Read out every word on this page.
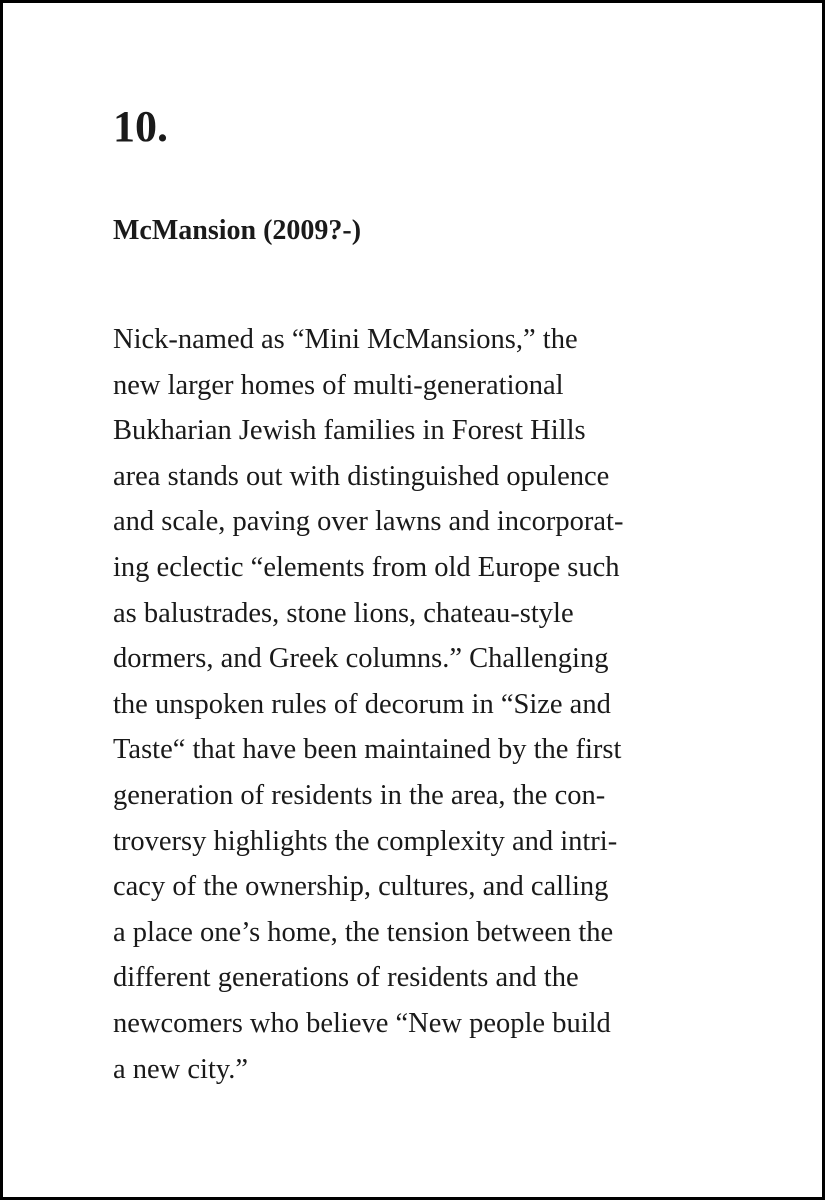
10.
McMansion (2009?-)

Nick-named as “Mini McMansions,” the
new larger homes of multi-generational
Bukharian Jewish families in Forest Hills
area stands out with distinguished opulence
and scale, paving over lawns and incorporat-
ing eclectic “elements from old Europe such
as balustrades, stone lions, chateau-style
dormers, and Greek columns.” Challenging
the unspoken rules of decorum in “Size and
Taste“ that have been maintained by the first
generation of residents in the area, the con-
troversy highlights the complexity and intri-
cacy of the ownership, cultures, and calling
a place one’s home, the tension between the
different generations of residents and the
newcomers who believe “New people build
a new city.”
